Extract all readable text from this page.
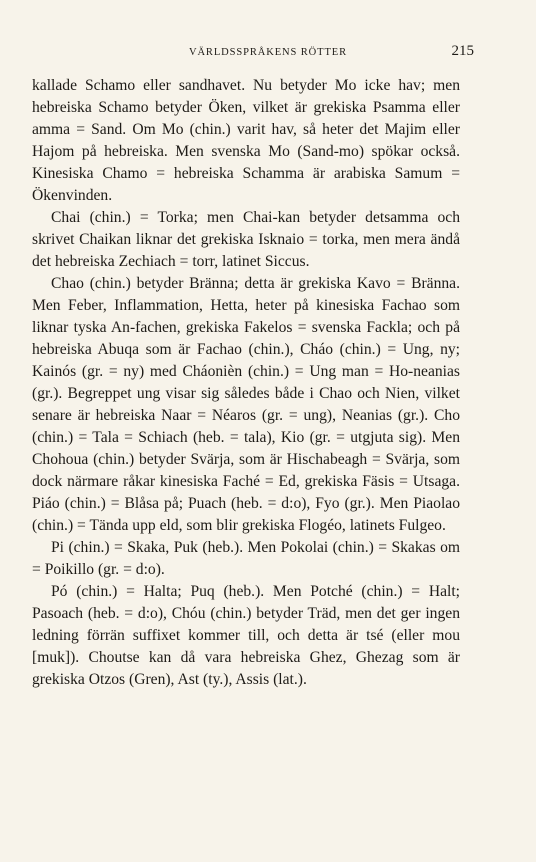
VÄRLDSSPRÅKENS RÖTTER	215

kallade Schamo eller sandhavet. Nu betyder Mo icke hav; men hebreiska Schamo betyder Öken, vilket är grekiska Psamma eller amma = Sand. Om Mo (chin.) varit hav, så heter det Majim eller Hajom på hebreiska. Men svenska Mo (Sand-mo) spökar också. Kinesiska Chamo = hebreiska Schamma är arabiska Samum = Ökenvinden.

Chai (chin.) = Torka; men Chai-kan betyder detsamma och skrivet Chaikan liknar det grekiska Isknaio = torka, men mera ändå det hebreiska Zechiach = torr, latinet Siccus.

Chao (chin.) betyder Bränna; detta är grekiska Kavo = Bränna. Men Feber, Inflammation, Hetta, heter på kinesiska Fachao som liknar tyska An-fachen, grekiska Fakelos = svenska Fackla; och på hebreiska Abuqa som är Fachao (chin.), Cháo (chin.) = Ung, ny; Kainós (gr. = ny) med Cháonièn (chin.) = Ung man = Ho-neanias (gr.). Begreppet ung visar sig således både i Chao och Nien, vilket senare är hebreiska Naar = Néaros (gr. = ung), Neanias (gr.). Cho (chin.) = Tala = Schiach (heb. = tala), Kio (gr. = utgjuta sig). Men Chohoua (chin.) betyder Svärja, som är Hischabeagh = Svärja, som dock närmare råkar kinesiska Faché = Ed, grekiska Fäsis = Utsaga. Piáo (chin.) = Blåsa på; Puach (heb. = d:o), Fyo (gr.). Men Piaolao (chin.) = Tända upp eld, som blir grekiska Flogéo, latinets Fulgeo.

Pi (chin.) = Skaka, Puk (heb.). Men Pokolai (chin.) = Skakas om = Poikillo (gr. = d:o).

Pó (chin.) = Halta; Puq (heb.). Men Potché (chin.) = Halt; Pasoach (heb. = d:o), Chóu (chin.) betyder Träd, men det ger ingen ledning förrän suffixet kommer till, och detta är tsé (eller mou [muk]). Choutse kan då vara hebreiska Ghez, Ghezag som är grekiska Otzos (Gren), Ast (ty.), Assis (lat.).
